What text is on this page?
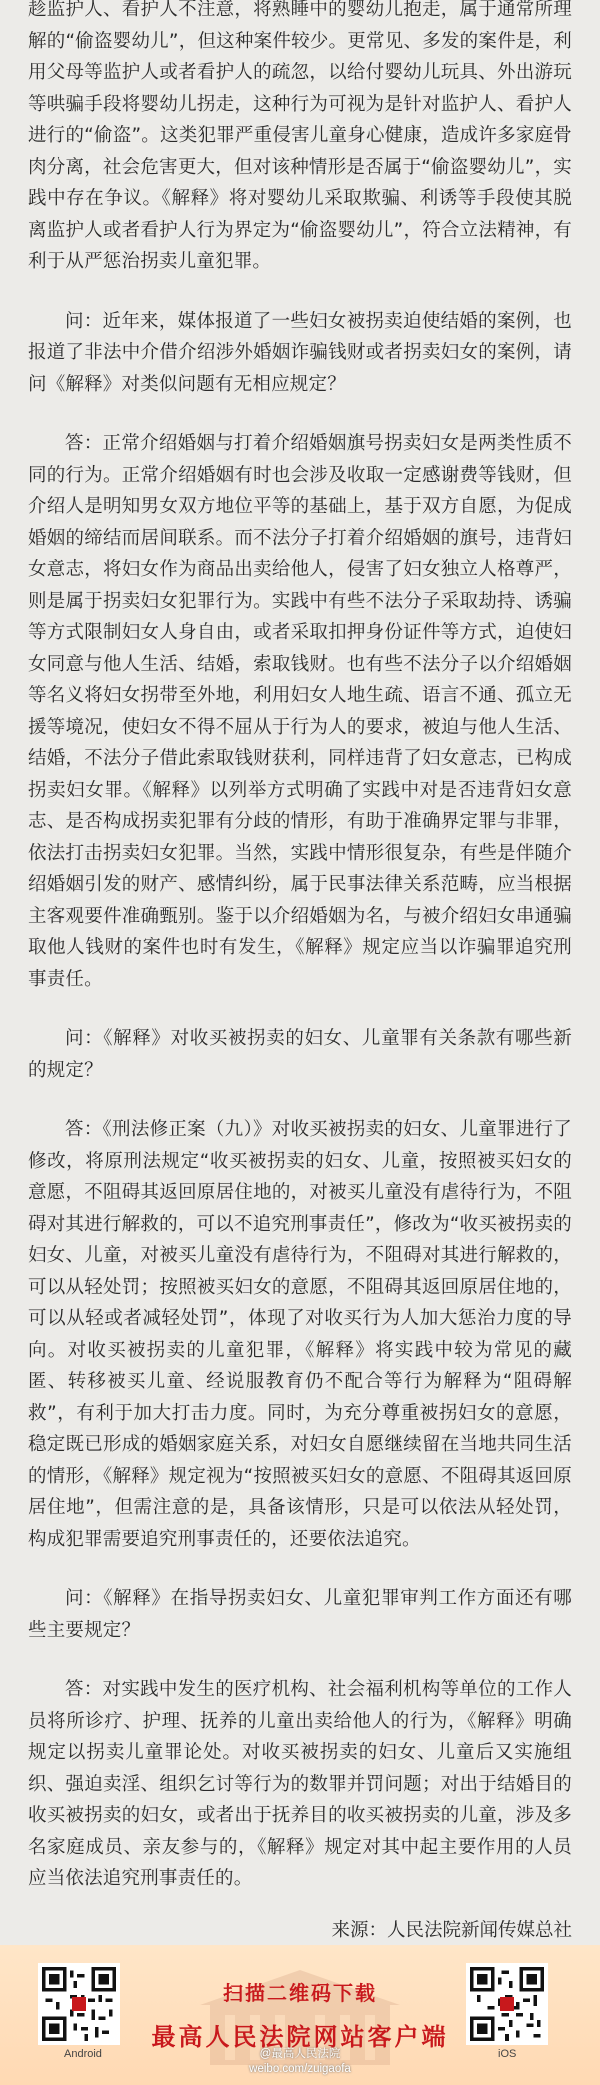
趁监护人、看护人不注意，将熟睡中的婴幼儿抱走，属于通常所理解的“偷盗婴幼儿”，但这种案件较少。更常见、多发的案件是，利用父母等监护人或者看护人的疏忽，以给付婴幼儿玩具、外出游玩等哄骗手段将婴幼儿拐走，这种行为可视为是针对监护人、看护人进行的“偷盗”。这类犯罪严重侵害儿童身心健康，造成许多家庭骨肉分离，社会危害更大，但对该种情形是否属于“偷盗婴幼儿”，实践中存在争议。《解释》将对婴幼儿采取欺骗、利诱等手段使其脱离监护人或者看护人行为界定为“偷盗婴幼儿”，符合立法精神，有利于从严惩治拐卖儿童犯罪。

问：近年来，媒体报道了一些妇女被拐卖迫使结婚的案例，也报道了非法中介借介绍涉外婚姻诈骗钱财或者拐卖妇女的案例，请问《解释》对类似问题有无相应规定？

答：正常介绍婚姻与打着介绍婚姻旗号拐卖妇女是两类性质不同的行为。正常介绍婚姻有时也会涉及收取一定感谢费等钱财，但介绍人是明知男女双方地位平等的基础上，基于双方自愿，为促成婚姻的缔结而居间联系。而不法分子打着介绍婚姻的旗号，违背妇女意志，将妇女作为商品出卖给他人，侵害了妇女独立人格尊严，则是属于拐卖妇女犯罪行为。实践中有些不法分子采取劫持、诱骗等方式限制妇女人身自由，或者采取扣押身份证件等方式，迫使妇女同意与他人生活、结婚，索取钱财。也有些不法分子以介绍婚姻等名义将妇女拐带至外地，利用妇女人地生疏、语言不通、孤立无援等境况，使妇女不得不屈从于行为人的要求，被迫与他人生活、结婚，不法分子借此索取钱财获利，同样违背了妇女意志，已构成拐卖妇女罪。《解释》以列举方式明确了实践中对是否违背妇女意志、是否构成拐卖犯罪有分歧的情形，有助于准确界定罪与非罪，依法打击拐卖妇女犯罪。当然，实践中情形很复杂，有些是伴随介绍婚姻引发的财产、感情纠纷，属于民事法律关系范畴，应当根据主客观要件准确甄别。鉴于以介绍婚姻为名，与被介绍妇女串通骗取他人钱财的案件也时有发生，《解释》规定应当以诈骗罪追究刑事责任。

问：《解释》对收买被拐卖的妇女、儿童罪有关条款有哪些新的规定？

答：《刑法修正案（九）》对收买被拐卖的妇女、儿童罪进行了修改，将原刑法规定“收买被拐卖的妇女、儿童，按照被买妇女的意愿，不阻碍其返回原居住地的，对被买儿童没有虐待行为，不阻碍对其进行解救的，可以不追究刑事责任”，修改为“收买被拐卖的妇女、儿童，对被买儿童没有虐待行为，不阻碍对其进行解救的，可以从轻处罚；按照被买妇女的意愿，不阻碍其返回原居住地的，可以从轻或者减轻处罚”，体现了对收买行为人加大惩治力度的导向。对收买被拐卖的儿童犯罪，《解释》将实践中较为常见的藏匿、转移被买儿童、经说服教育仍不配合等行为解释为“阻碍解救”，有利于加大打击力度。同时，为充分尊重被拐妇女的意愿，稳定既已形成的婚姻家庭关系，对妇女自愿继续留在当地共同生活的情形，《解释》规定视为“按照被买妇女的意愿、不阻碍其返回原居住地”，但需注意的是，具备该情形，只是可以依法从轻处罚，构成犯罪需要追究刑事责任的，还要依法追究。

问：《解释》在指导拐卖妇女、儿童犯罪审判工作方面还有哪些主要规定？

答：对实践中发生的医疗机构、社会福利机构等单位的工作人员将所诊疗、护理、抚养的儿童出卖给他人的行为，《解释》明确规定以拐卖儿童罪论处。对收买被拐卖的妇女、儿童后又实施组织、强迫卖淫、组织乞讨等行为的数罪并罚问题；对出于结婚目的收买被拐卖的妇女，或者出于抚养目的收买被拐卖的儿童，涉及多名家庭成员、亲友参与的，《解释》规定对其中起主要作用的人员应当依法追究刑事责任的。

来源：人民法院新闻传媒总社

Android
扫描二维码下载
最高人民法院网站客户端
iOS
@最高人民法院
weibo.com/zuigaofa
